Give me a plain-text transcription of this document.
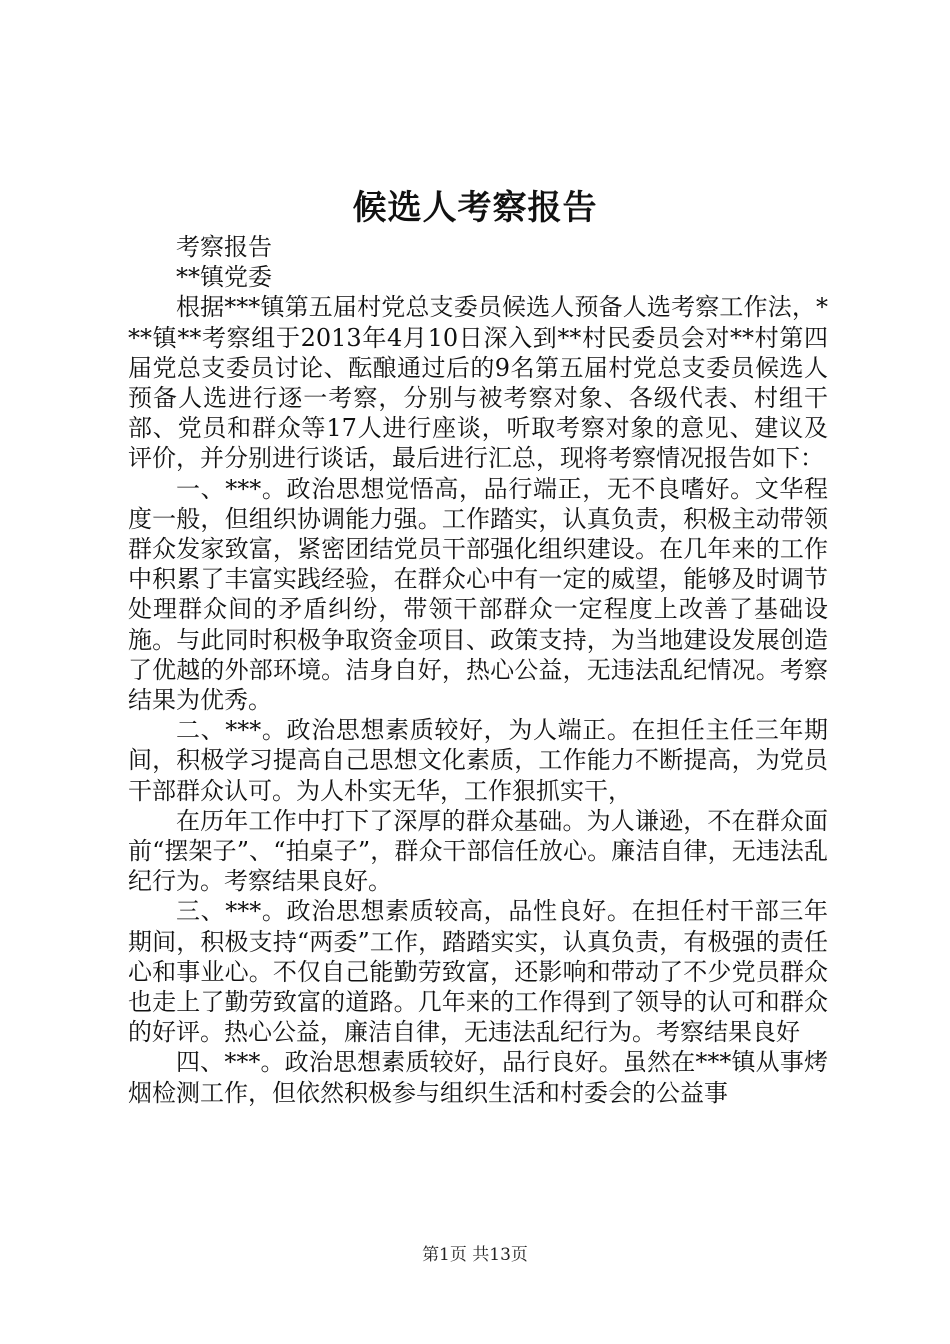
候选人考察报告

考察报告

**镇党委

根据***镇第五届村党总支委员候选人预备人选考察工作法，***镇**考察组于2013年4月10日深入到**村民委员会对**村第四届党总支委员讨论、酝酿通过后的9名第五届村党总支委员候选人预备人选进行逐一考察，分别与被考察对象、各级代表、村组干部、党员和群众等17人进行座谈，听取考察对象的意见、建议及评价，并分别进行谈话，最后进行汇总，现将考察情况报告如下：

一、***。政治思想觉悟高，品行端正，无不良嗜好。文华程度一般，但组织协调能力强。工作踏实，认真负责，积极主动带领群众发家致富，紧密团结党员干部强化组织建设。在几年来的工作中积累了丰富实践经验，在群众心中有一定的威望，能够及时调节处理群众间的矛盾纠纷，带领干部群众一定程度上改善了基础设施。与此同时积极争取资金项目、政策支持，为当地建设发展创造了优越的外部环境。洁身自好，热心公益，无违法乱纪情况。考察结果为优秀。

二、***。政治思想素质较好，为人端正。在担任主任三年期间，积极学习提高自己思想文化素质，工作能力不断提高，为党员干部群众认可。为人朴实无华，工作狠抓实干，

在历年工作中打下了深厚的群众基础。为人谦逊，不在群众面前“摆架子”、“拍桌子”，群众干部信任放心。廉洁自律，无违法乱纪行为。考察结果良好。

三、***。政治思想素质较高，品性良好。在担任村干部三年期间，积极支持“两委”工作，踏踏实实，认真负责，有极强的责任心和事业心。不仅自己能勤劳致富，还影响和带动了不少党员群众也走上了勤劳致富的道路。几年来的工作得到了领导的认可和群众的好评。热心公益，廉洁自律，无违法乱纪行为。考察结果良好

四、***。政治思想素质较好，品行良好。虽然在***镇从事烤烟检测工作，但依然积极参与组织生活和村委会的公益事

第1页 共13页
